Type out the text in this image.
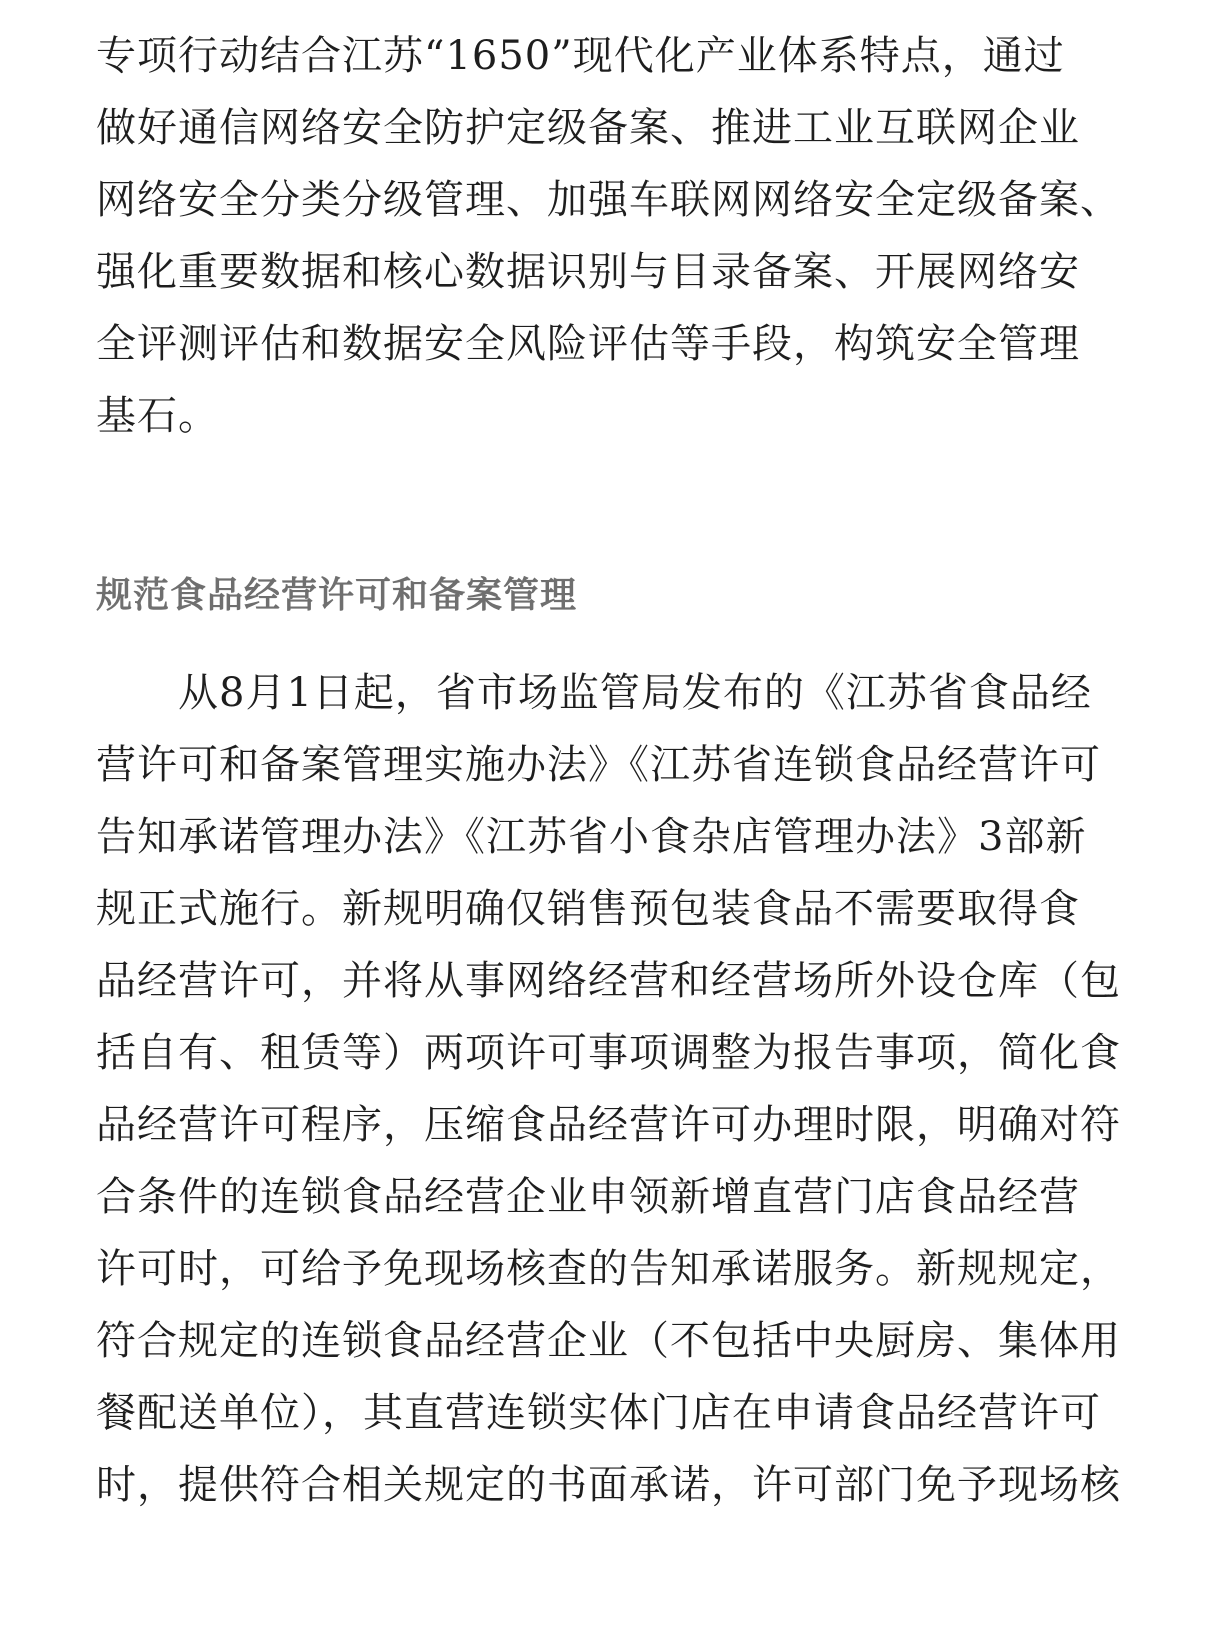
专项行动结合江苏“1650”现代化产业体系特点，通过
做好通信网络安全防护定级备案、推进工业互联网企业
网络安全分类分级管理、加强车联网网络安全定级备案、
强化重要数据和核心数据识别与目录备案、开展网络安
全评测评估和数据安全风险评估等手段，构筑安全管理
基石。
规范食品经营许可和备案管理
　　从8月1日起，省市场监管局发布的《江苏省食品经
营许可和备案管理实施办法》《江苏省连锁食品经营许可
告知承诺管理办法》《江苏省小食杂店管理办法》3部新
规正式施行。新规明确仅销售预包装食品不需要取得食
品经营许可，并将从事网络经营和经营场所外设仓库（包
括自有、租赁等）两项许可事项调整为报告事项，简化食
品经营许可程序，压缩食品经营许可办理时限，明确对符
合条件的连锁食品经营企业申领新增直营门店食品经营
许可时，可给予免现场核查的告知承诺服务。新规规定，
符合规定的连锁食品经营企业（不包括中央厨房、集体用
餐配送单位），其直营连锁实体门店在申请食品经营许可
时，提供符合相关规定的书面承诺，许可部门免予现场核
